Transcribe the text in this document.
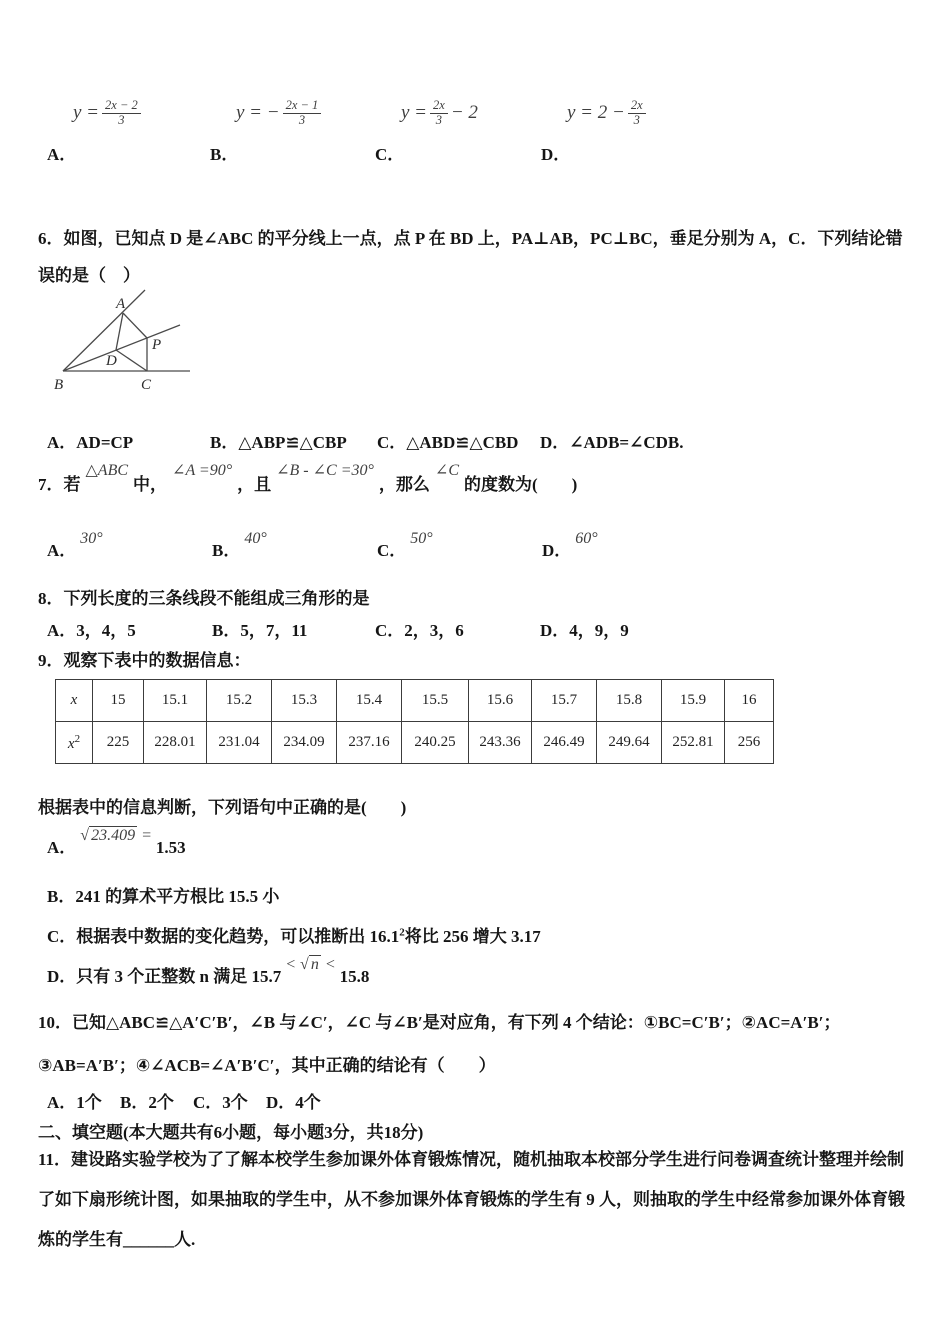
$y = \frac{2x - 2}{3}$
A．
y = − $\frac{2x - 1}{3}$
B．
$y = \frac{2x}{3} - 2$
C．
$y = 2 - \frac{2x}{3}$
D．
6．如图，已知点 D 是∠ABC 的平分线上一点，点 P 在 BD 上，PA⊥AB，PC⊥BC，垂足分别为 A，C．下列结论错
误的是（　）
A
B	C
D
P
A．AD=CP	B．△ABP≌△CBP C．△ABD≌△CBD D．∠ADB=∠CDB.
7．若△ABC中，∠A =90°，且∠B - ∠C =30°，那么∠C的度数为(　　)
A．30°
B．40°
C．50°
D．60°
8．下列长度的三条线段不能组成三角形的是
A．3，4，5	B．5，7，11	C．2，3，6	D．4，9，9
9．观察下表中的数据信息：
x	15	15.1	15.2	15.3	15.4	15.5	15.6	15.7	15.8	15.9	16
$x^2$	225	228.01	231.04	234.09	237.16	240.25	243.36	246.49	249.64	252.81	256
根据表中的信息判断，下列语句中正确的是(　　)
A．√ 23.409 =1.53
B．241 的算术平方根比 15.5 小
C．根据表中数据的变化趋势，可以推断出 16.1$^2$将比 256 增大 3.17
D．只有 3 个正整数 n 满足 15.7< √ n <15.8
10．已知△ABC≌△A′C′B′，∠B 与∠C′，∠C 与∠B′是对应角，有下列 4 个结论：①BC=C′B′；②AC=A′B′；
③AB=A′B′；④∠ACB=∠A′B′C′，其中正确的结论有（　　）
A．1个 B．2个 C．3个 D．4个
二、填空题(本大题共有6小题，每小题3分，共18分)
11．建设路实验学校为了了解本校学生参加课外体育锻炼情况，随机抽取本校部分学生进行问卷调查统计整理并绘制
了如下扇形统计图，如果抽取的学生中，从不参加课外体育锻炼的学生有 9 人，则抽取的学生中经常参加课外体育锻
炼的学生有______人.
